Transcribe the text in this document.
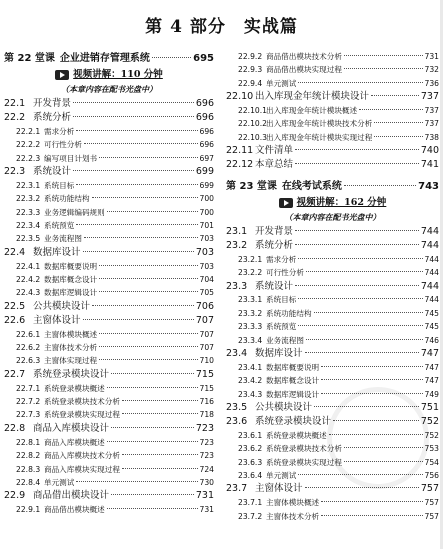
第 4 部分　实战篇
第 22 堂课 企业进销存管理系统	695
视频讲解：110 分钟
（本章内容在配书光盘中）
22.1 开发背景	696
22.2 系统分析	696
22.2.1 需求分析	696
22.2.2 可行性分析	696
22.2.3 编写项目计划书	697
22.3 系统设计	699
22.3.1 系统目标	699
22.3.2 系统功能结构	700
22.3.3 业务逻辑编码规则	700
22.3.4 系统预览	701
22.3.5 业务流程图	703
22.4 数据库设计	703
22.4.1 数据库概要说明	703
22.4.2 数据库概念设计	704
22.4.3 数据库逻辑设计	705
22.5 公共模块设计	706
22.6 主窗体设计	707
22.6.1 主窗体模块概述	707
22.6.2 主窗体技术分析	707
22.6.3 主窗体实现过程	710
22.7 系统登录模块设计	715
22.7.1 系统登录模块概述	715
22.7.2 系统登录模块技术分析	716
22.7.3 系统登录模块实现过程	718
22.8 商品入库模块设计	723
22.8.1 商品入库模块概述	723
22.8.2 商品入库模块技术分析	723
22.8.3 商品入库模块实现过程	724
22.8.4 单元测试	730
22.9 商品借出模块设计	731
22.9.1 商品借出模块概述	731
22.9.2 商品借出模块技术分析	731
22.9.3 商品借出模块实现过程	732
22.9.4 单元测试	736
22.10 出入库现金年统计模块设计	737
22.10.1 出入库现金年统计模块概述	737
22.10.2 出入库现金年统计模块技术分析	737
22.10.3 出入库现金年统计模块实现过程	738
22.11 文件清单	740
22.12 本章总结	741
第 23 堂课 在线考试系统	743
视频讲解：162 分钟
（本章内容在配书光盘中）
23.1 开发背景	744
23.2 系统分析	744
23.2.1 需求分析	744
23.2.2 可行性分析	744
23.3 系统设计	744
23.3.1 系统目标	744
23.3.2 系统功能结构	745
23.3.3 系统预览	745
23.3.4 业务流程图	746
23.4 数据库设计	747
23.4.1 数据库概要说明	747
23.4.2 数据库概念设计	747
23.4.3 数据库逻辑设计	749
23.5 公共模块设计	751
23.6 系统登录模块设计	752
23.6.1 系统登录模块概述	752
23.6.2 系统登录模块技术分析	753
23.6.3 系统登录模块实现过程	754
23.6.4 单元测试	756
23.7 主窗体设计	757
23.7.1 主窗体模块概述	757
23.7.2 主窗体技术分析	757
